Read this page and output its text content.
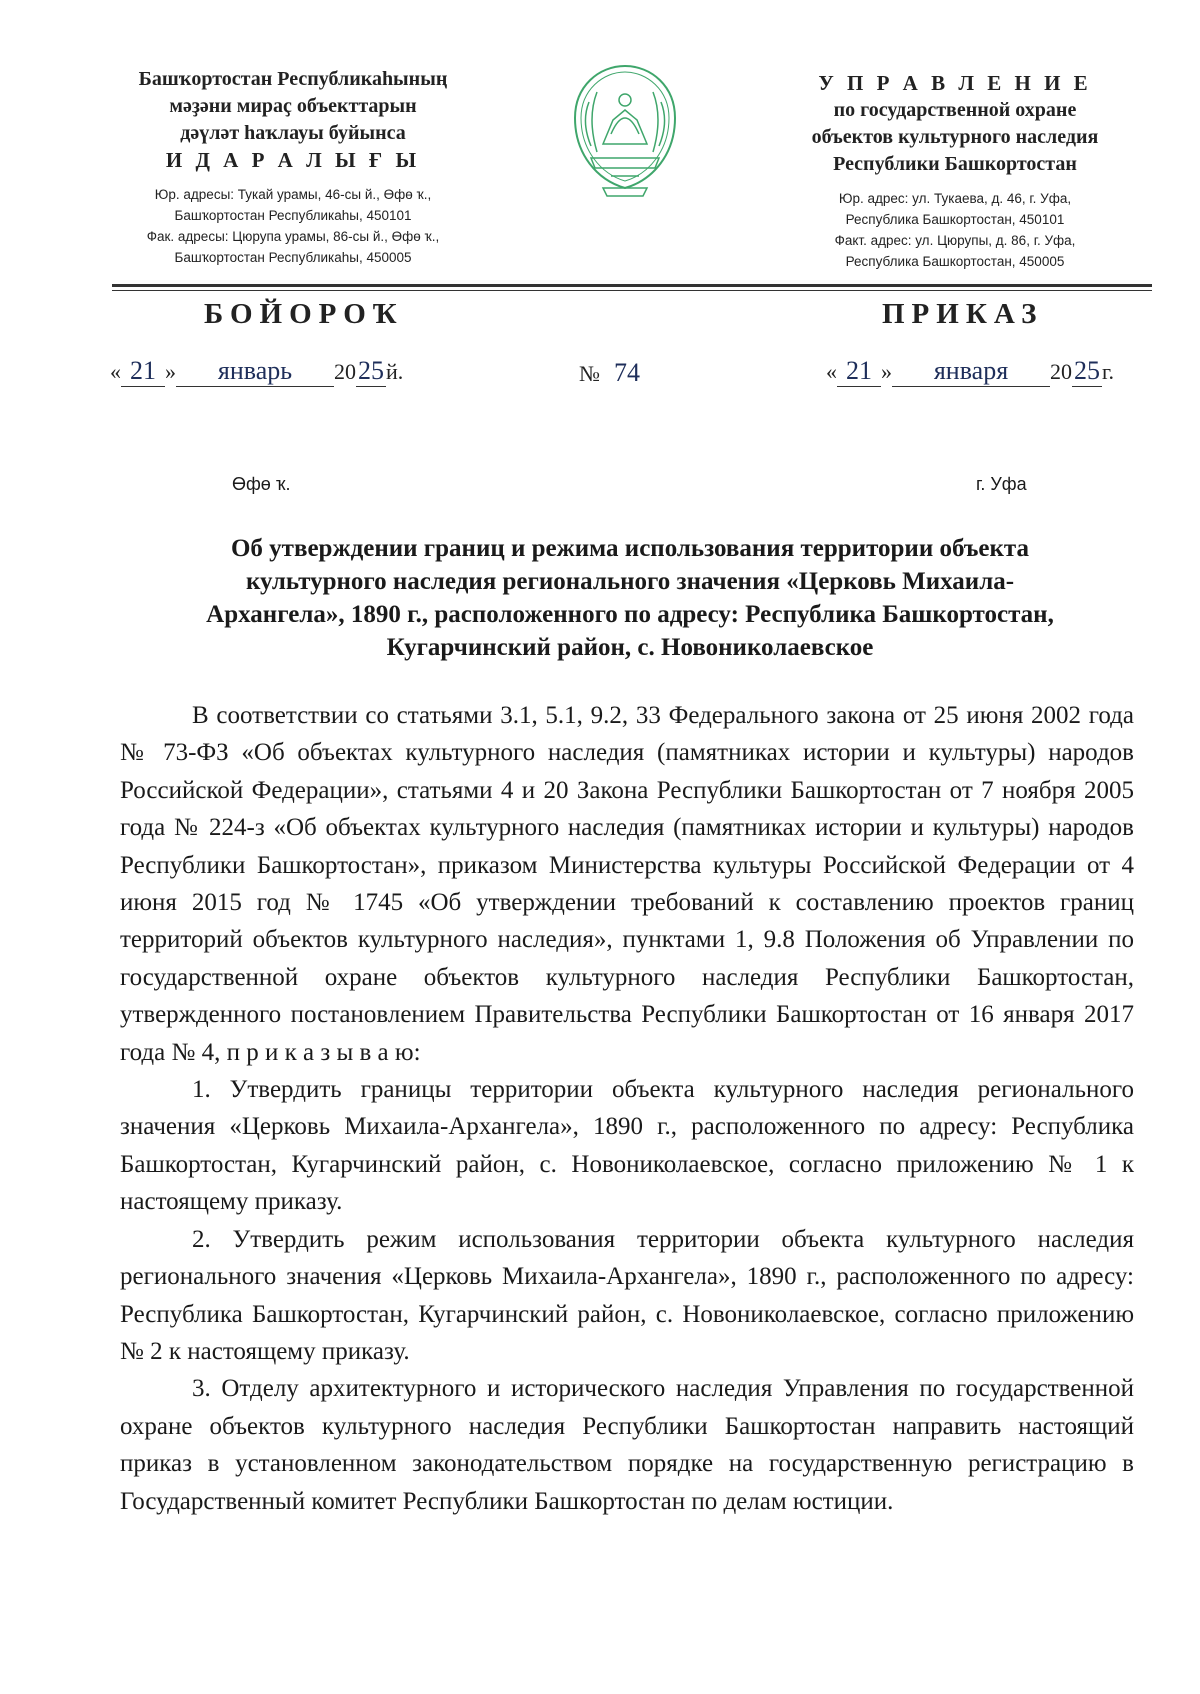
Башҡортостан Республикаһының
мәҙәни мираҫ объекттарын
дәүләт һаҡлауы буйынса
И Д А Р А Л Ы Ғ Ы
Юр. адресы: Тукай урамы, 46-сы й., Өфө ҡ.,
Башҡортостан Республикаһы, 450101
Фак. адресы: Цюрупа урамы, 86-сы й., Өфө ҡ.,
Башҡортостан Республикаһы, 450005
У П Р А В Л Е Н И Е
по государственной охране
объектов культурного наследия
Республики Башкортостан
Юр. адрес: ул. Тукаева, д. 46, г. Уфа,
Республика Башкортостан, 450101
Факт. адрес: ул. Цюрупы, д. 86, г. Уфа,
Республика Башкортостан, 450005
БОЙОРОҠ	ПРИКАЗ
« 21 » январь 2025й.	№ 74	« 21 » января 2025г.
Өфө ҡ.	г. Уфа
Об утверждении границ и режима использования территории объекта
культурного наследия регионального значения «Церковь Михаила-
Архангела», 1890 г., расположенного по адресу: Республика Башкортостан,
Кугарчинский район, с. Новониколаевское

В соответствии со статьями 3.1, 5.1, 9.2, 33 Федерального закона от 25 июня 2002 года № 73-ФЗ «Об объектах культурного наследия (памятниках истории и культуры) народов Российской Федерации», статьями 4 и 20 Закона Республики Башкортостан от 7 ноября 2005 года № 224-з «Об объектах культурного наследия (памятниках истории и культуры) народов Республики Башкортостан», приказом Министерства культуры Российской Федерации от 4 июня 2015 год № 1745 «Об утверждении требований к составлению проектов границ территорий объектов культурного наследия», пунктами 1, 9.8 Положения об Управлении по государственной охране объектов культурного наследия Республики Башкортостан, утвержденного постановлением Правительства Республики Башкортостан от 16 января 2017 года № 4, п р и к а з ы в а ю:

1. Утвердить границы территории объекта культурного наследия регионального значения «Церковь Михаила-Архангела», 1890 г., расположенного по адресу: Республика Башкортостан, Кугарчинский район, с. Новониколаевское, согласно приложению № 1 к настоящему приказу.

2. Утвердить режим использования территории объекта культурного наследия регионального значения «Церковь Михаила-Архангела», 1890 г., расположенного по адресу: Республика Башкортостан, Кугарчинский район, с. Новониколаевское, согласно приложению № 2 к настоящему приказу.

3. Отделу архитектурного и исторического наследия Управления по государственной охране объектов культурного наследия Республики Башкортостан направить настоящий приказ в установленном законодательством порядке на государственную регистрацию в Государственный комитет Республики Башкортостан по делам юстиции.
